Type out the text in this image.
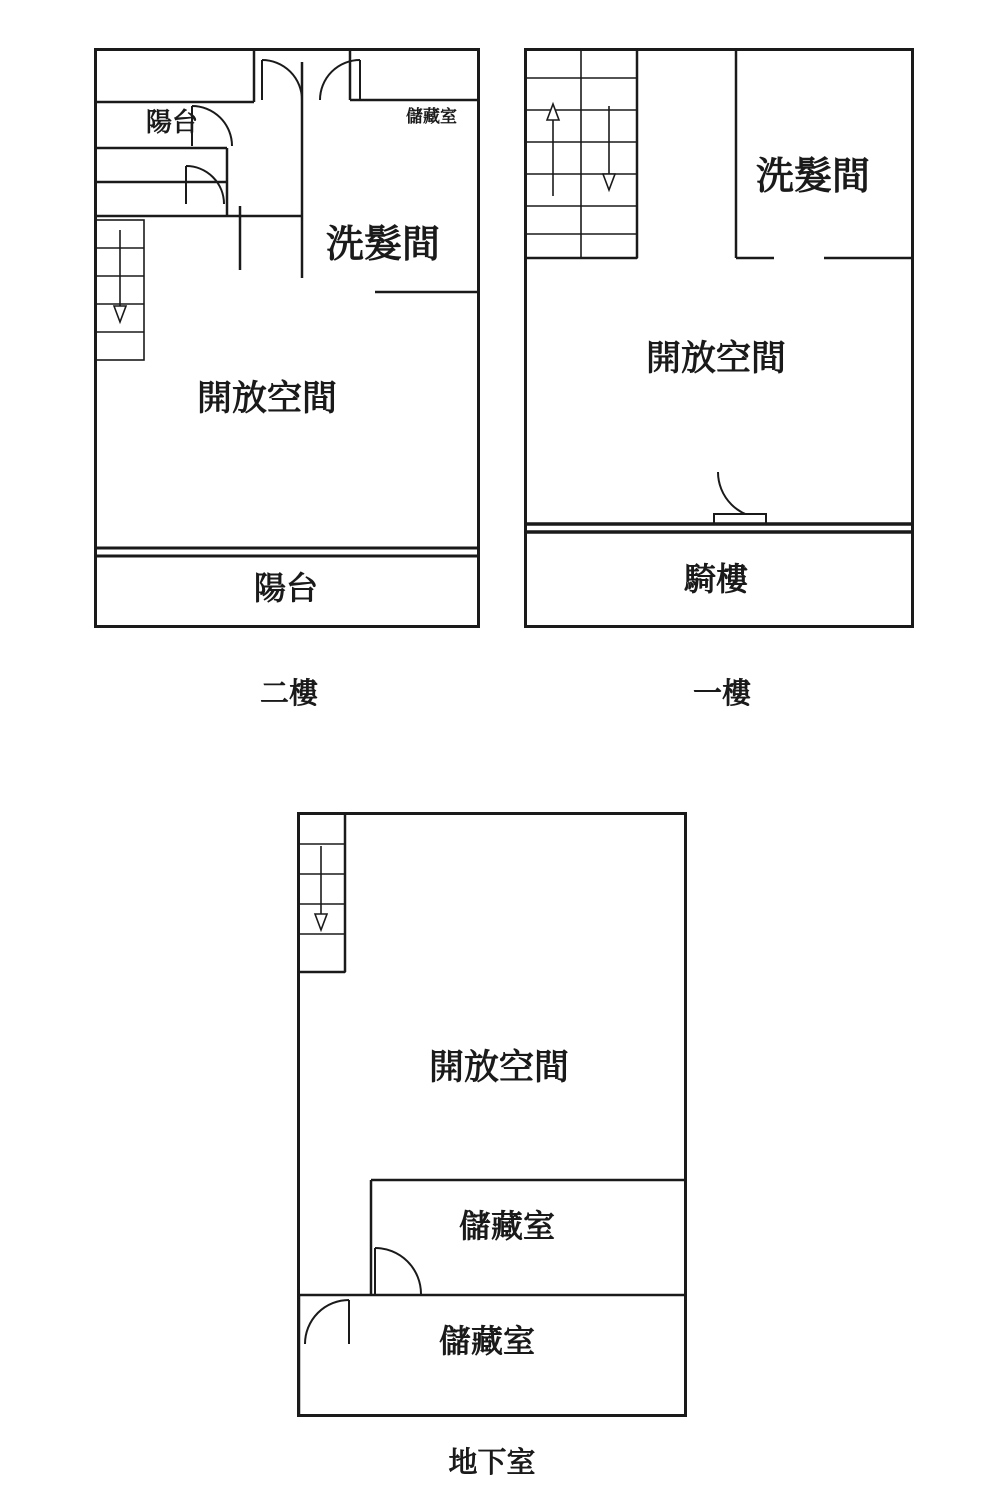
陽台	儲藏室
洗髮間
開放空間
陽台
二樓
洗髮間
開放空間
騎樓
一樓
開放空間
儲藏室
儲藏室
地下室
